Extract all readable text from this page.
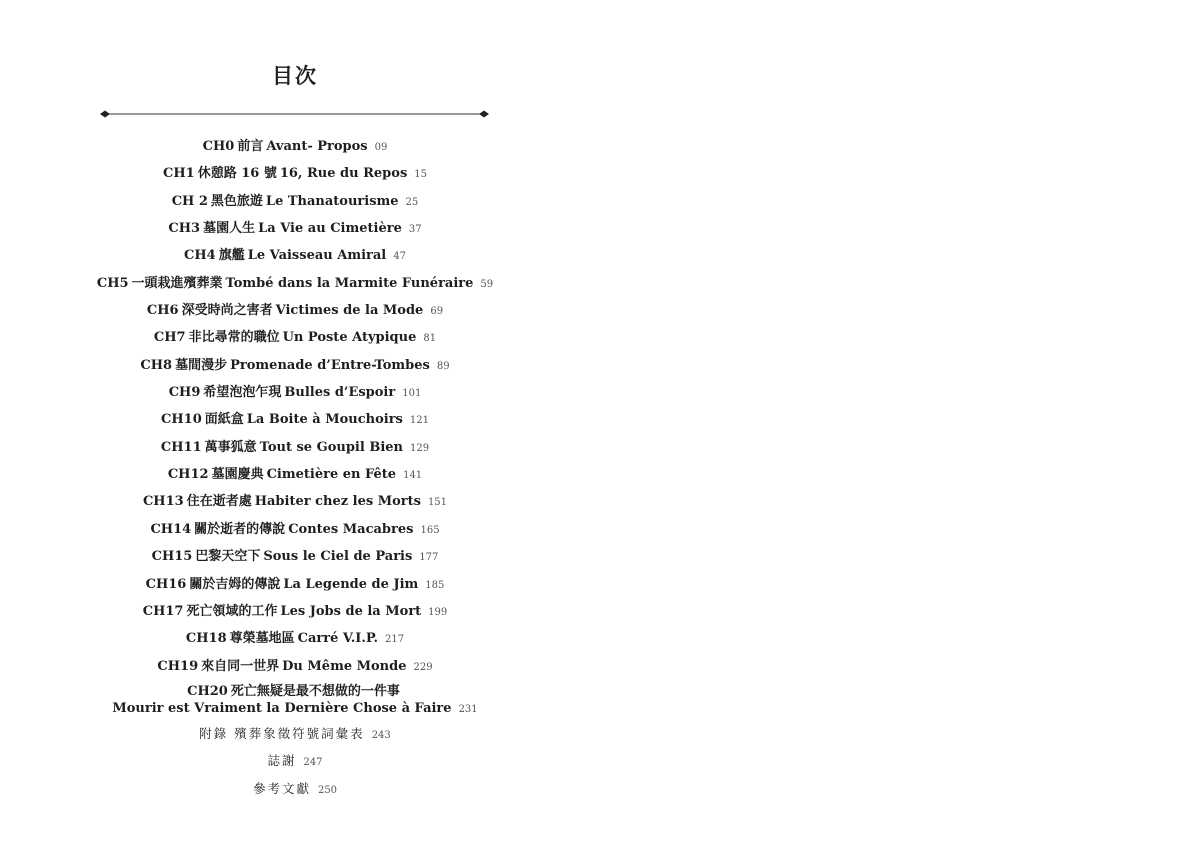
目次
CH0 前言 Avant- Propos 09
CH1 休憩路 16 號 16, Rue du Repos 15
CH 2 黑色旅遊 Le Thanatourisme 25
CH3 墓園人生 La Vie au Cimetière 37
CH4 旗艦 Le Vaisseau Amiral 47
CH5 一頭栽進殯葬業 Tombé dans la Marmite Funéraire 59
CH6 深受時尚之害者 Victimes de la Mode 69
CH7 非比尋常的職位 Un Poste Atypique 81
CH8 墓間漫步 Promenade d’Entre-Tombes 89
CH9 希望泡泡乍現 Bulles d’Espoir 101
CH10 面紙盒 La Boite à Mouchoirs 121
CH11 萬事狐意 Tout se Goupil Bien 129
CH12 墓園慶典 Cimetière en Fête 141
CH13 住在逝者處 Habiter chez les Morts 151
CH14 關於逝者的傳說 Contes Macabres 165
CH15 巴黎天空下 Sous le Ciel de Paris 177
CH16 關於吉姆的傳說 La Legende de Jim 185
CH17 死亡領域的工作 Les Jobs de la Mort 199
CH18 尊榮墓地區 Carré V.I.P. 217
CH19 來自同一世界 Du Même Monde 229
CH20 死亡無疑是最不想做的一件事
Mourir est Vraiment la Dernière Chose à Faire 231
附錄 殯葬象徵符號詞彙表 243
誌謝 247
參考文獻 250
